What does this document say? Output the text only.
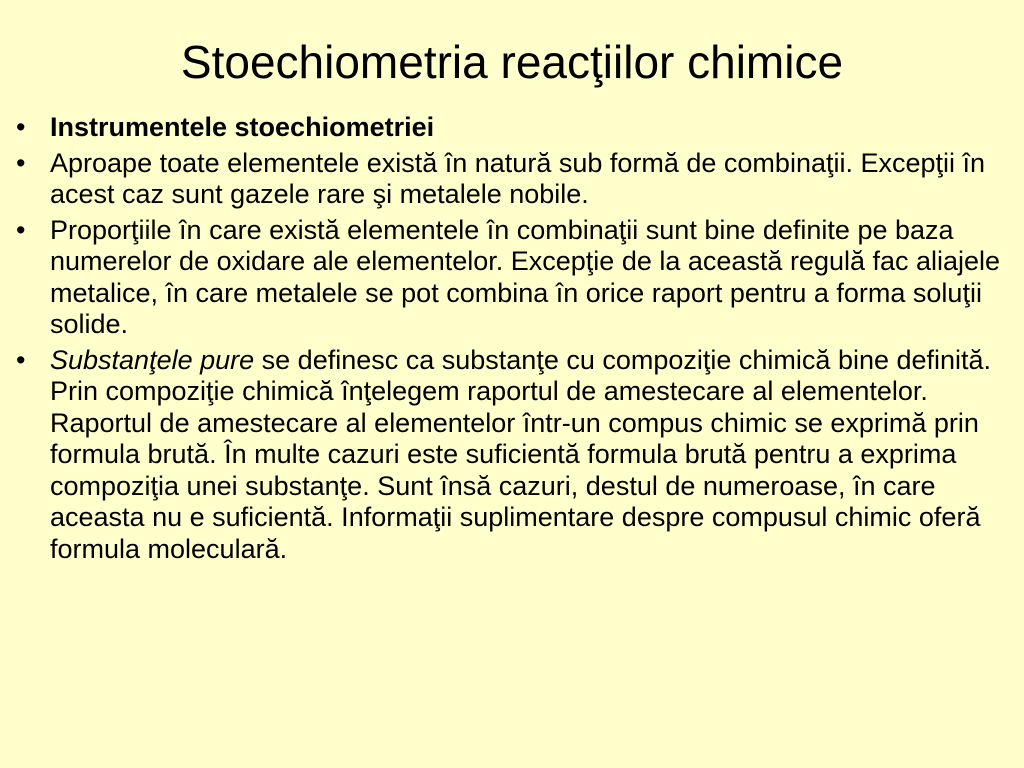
Stoechiometria reacţiilor chimice
• Instrumentele stoechiometriei
• Aproape toate elementele există în natură sub formă de combinaţii. Excepţii în acest caz sunt gazele rare şi metalele nobile.
• Proporţiile în care există elementele în combinaţii sunt bine definite pe baza numerelor de oxidare ale elementelor. Excepţie de la această regulă fac aliajele metalice, în care metalele se pot combina în orice raport pentru a forma soluţii solide.
• Substanţele pure se definesc ca substanţe cu compoziţie chimică bine definită. Prin compoziţie chimică înţelegem raportul de amestecare al elementelor. Raportul de amestecare al elementelor într-un compus chimic se exprimă prin formula brută. În multe cazuri este suficientă formula brută pentru a exprima compoziţia unei substanţe. Sunt însă cazuri, destul de numeroase, în care aceasta nu e suficientă. Informaţii suplimentare despre compusul chimic oferă formula moleculară.
